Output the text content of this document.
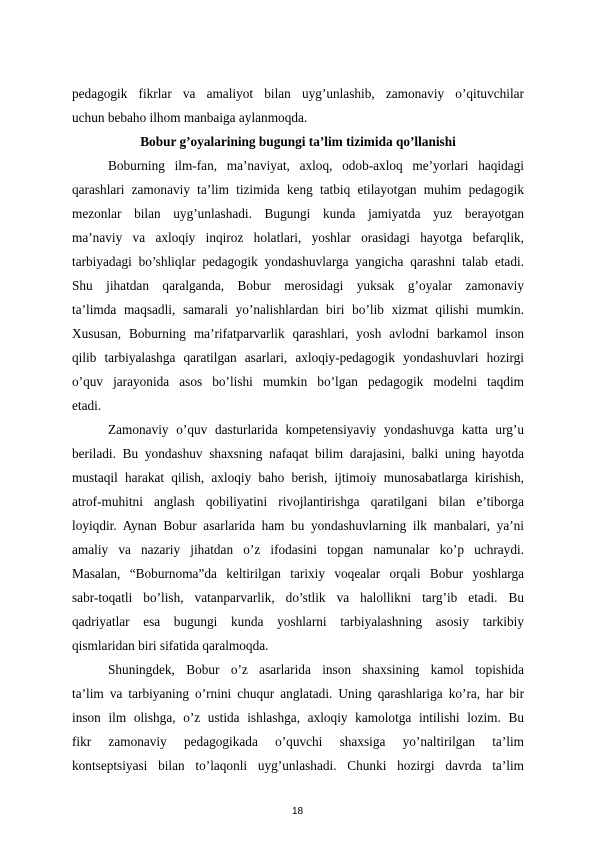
pedagogik fikrlar va amaliyot bilan uyg’unlashib, zamonaviy o’qituvchilar
uchun bebaho ilhom manbaiga aylanmoqda.
Bobur g’oyalarining bugungi ta’lim tizimida qo’llanishi
Boburning ilm-fan, ma’naviyat, axloq, odob-axloq me’yorlari haqidagi
qarashlari zamonaviy ta’lim tizimida keng tatbiq etilayotgan muhim pedagogik
mezonlar bilan uyg’unlashadi. Bugungi kunda jamiyatda yuz berayotgan
ma’naviy va axloqiy inqiroz holatlari, yoshlar orasidagi hayotga befarqlik,
tarbiyadagi bo’shliqlar pedagogik yondashuvlarga yangicha qarashni talab etadi.
Shu jihatdan qaralganda, Bobur merosidagi yuksak g’oyalar zamonaviy
ta’limda maqsadli, samarali yo’nalishlardan biri bo’lib xizmat qilishi mumkin.
Xususan, Boburning ma’rifatparvarlik qarashlari, yosh avlodni barkamol inson
qilib tarbiyalashga qaratilgan asarlari, axloqiy-pedagogik yondashuvlari hozirgi
o’quv jarayonida asos bo’lishi mumkin bo’lgan pedagogik modelni taqdim
etadi.
Zamonaviy o’quv dasturlarida kompetensiyaviy yondashuvga katta urg’u
beriladi. Bu yondashuv shaxsning nafaqat bilim darajasini, balki uning hayotda
mustaqil harakat qilish, axloqiy baho berish, ijtimoiy munosabatlarga kirishish,
atrof-muhitni anglash qobiliyatini rivojlantirishga qaratilgani bilan e’tiborga
loyiqdir. Aynan Bobur asarlarida ham bu yondashuvlarning ilk manbalari, ya’ni
amaliy va nazariy jihatdan o’z ifodasini topgan namunalar ko’p uchraydi.
Masalan, “Boburnoma”da keltirilgan tarixiy voqealar orqali Bobur yoshlarga
sabr-toqatli bo’lish, vatanparvarlik, do’stlik va halollikni targ’ib etadi. Bu
qadriyatlar esa bugungi kunda yoshlarni tarbiyalashning asosiy tarkibiy
qismlaridan biri sifatida qaralmoqda.
Shuningdek, Bobur o’z asarlarida inson shaxsining kamol topishida
ta’lim va tarbiyaning o’rnini chuqur anglatadi. Uning qarashlariga ko’ra, har bir
inson ilm olishga, o’z ustida ishlashga, axloqiy kamolotga intilishi lozim. Bu
fikr zamonaviy pedagogikada o’quvchi shaxsiga yo’naltirilgan ta’lim
kontseptsiyasi bilan to’laqonli uyg’unlashadi. Chunki hozirgi davrda ta’lim
18
